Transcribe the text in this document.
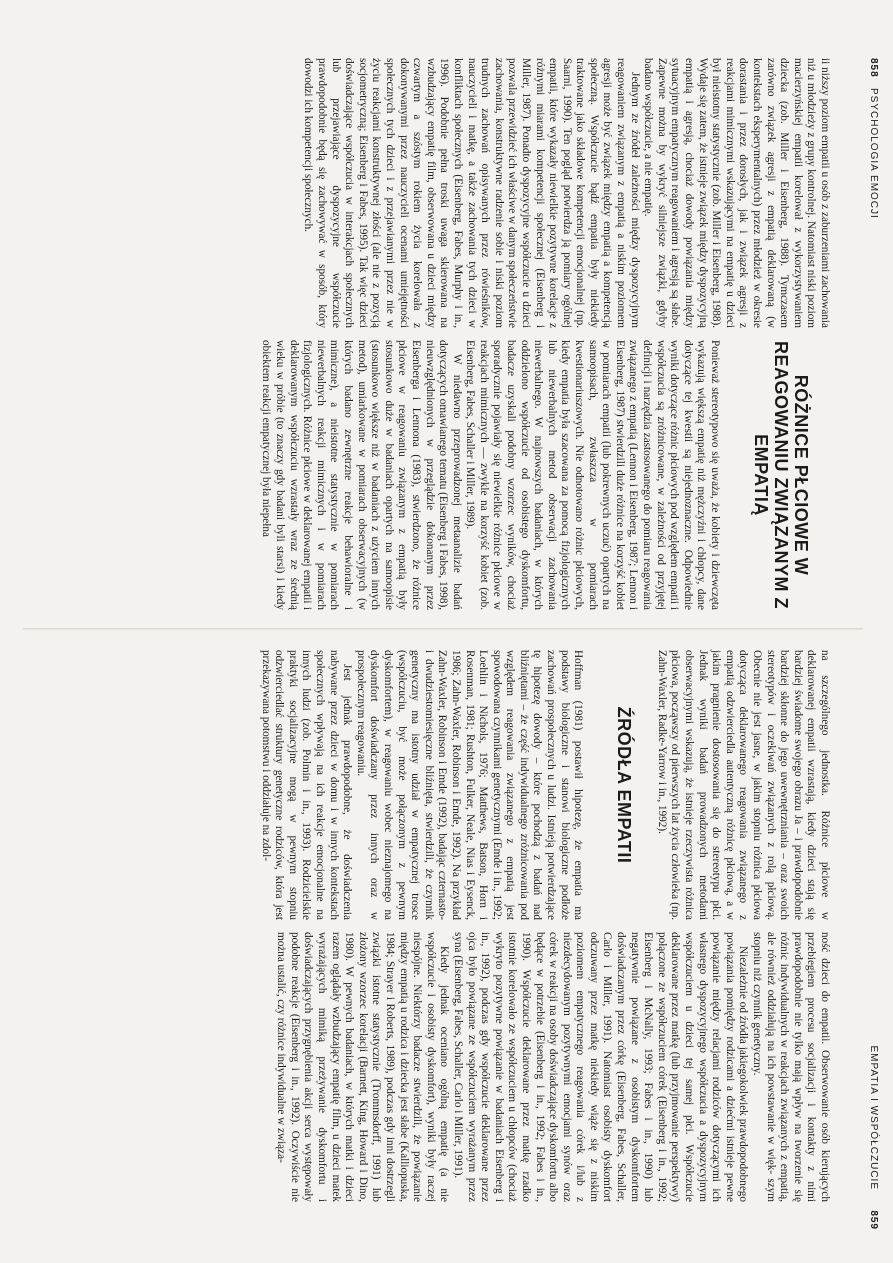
858
PSYCHOLOGIA EMOCJI

ii niższy poziom empatii u osób z zaburzeniami zachowania niż u młodzieży z grupy kontrolnej. Natomiast niski poziom macierzyńskiej empatii korelował z wykorzystywaniem dziecka (zob. Miller i Eisenberg, 1988). Tymczasem zarówno związek agresji z empatią deklarowaną (w kontekstach eksperymentalnych) przez młodzież w okresie dorastania i przez dorosłych, jak i związek agresji z reakcjami mimicznymi wskazującymi na empatię u dzieci był nieistotny statystycznie (zob. Miller i Eisenberg, 1988). Wydaje się zatem, że istnieje związek między dyspozycyjną empatią i agresją, chociaż dowody powiązania między sytuacyjnym empatycznym reagowaniem i agresją są słabe. Zapewne można by wykryć silniejsze związki, gdyby badano współczucie, a nie empatię.

Jednym ze źródeł zależności między dyspozycyjnym reagowaniem związanym z empatią a niskim poziomem agresji może być związek między empatią a kompetencją społeczną. Współczucie bądź empatia były niekiedy traktowane jako składowe kompetencji emocjonalnej (np. Saarni, 1990). Ten pogląd potwierdza ją pomiary ogólnej empatii, które wykazały niewielkie pozytywne korelacje z różnymi miarami kompetencji społecznej (Eisenberg i Miller, 1987). Ponadto dyspozycyjne współczucie u dzieci pozwala przewidzieć ich właściwe w danym społeczeństwie zachowania, konstruktywne radzenie sobie i niski poziom trudnych zachowań opisywanych przez rówieśników, nauczycieli i matkę, a także zachowania tych dzieci w konfliktach społecznych (Eisenberg, Fabes, Murphy i in., 1996). Podobnie pełna troski uwaga skierowana na wzbudzający empatię film, obserwowana u dzieci między czwartym a szóstym rokiem życia korelowała z dokonywanymi przez nauczycieli ocenami umiejętności społecznych tych dzieci i z przejawianymi przez nie w życiu reakcjami konstruktywnej złości (ale nie z pozycją socjometryczną; Eisenberg i Fabes, 1995). Tak więc dzieci doświadczające współczucia w interakcjach społecznych lub przejawiające dyspozycyjne współczucie prawdopodobnie będą się zachowywać w sposób, który dowodzi ich kompetencji społecznych.

RÓŻNICE PŁCIOWE W REAGOWANIU ZWIĄZANYM Z EMPATIĄ

Ponieważ stereotypowo się uważa, że kobiety i dziewczęta wykazują większą empatię niż mężczyźni i chłopcy, dane dotyczące tej kwestii są niejednoznaczne. Odpowiednie wyniki dotyczące różnic płciowych pod względem empatii i współczucia są zróżnicowane, w zależności od przyjętej definicji i narzędzia zastosowanego do pomiaru reagowania związanego z empatią (Lennon i Eisenberg, 1987; Lennon i Eisenberg, 1987) stwierdzili duże różnice na korzyść kobiet w pomiarach empatii (lub pokrewnych uczuć) opartych na samoopisach, zwłaszcza w pomiarach kwestionariuszowych. Nie odnotowano różnic płciowych, kiedy empatia była szacowana za pomocą fizjologicznych lub niewerbalnych metod obserwacji zachowania niewerbalnego. W najnowszych badaniach, w których oddzielono współczucie od osobistego dyskomfortu, badacze uzyskali podobny wzorzec wyników, chociaż sporadycznie pojawiały się niewielkie różnice płciowe w reakcjach mimicznych — zwykle na korzyść kobiet (zob. Eisenberg, Fabes, Schaller i Miller, 1989).

W niedawno przeprowadzonej metaanalizie badań dotyczących omawianego tematu (Eisenberg i Fabes, 1998), nieuwzględnionych w przeglądzie dokonanym przez Eisenberga i Lennona (1983), stwierdzono, że różnice płciowe w reagowaniu związanym z empatią były stosunkowo duże w badaniach opartych na samoopisie (stosunkowo większe niż w badaniach z użyciem innych metod), umiarkowane w pomiarach obserwacyjnych (w których badano zewnętrzne reakcje behawioralne i mimiczne), a nieistotne statystycznie w pomiarach niewerbalnych reakcji mimicznych i w pomiarach fizjologicznych. Różnice płciowe w deklarowanej empatii i deklarowanym współczuciu wzrastały wraz ze średnią wieku w próbie (to znaczy gdy badani byli starsi) i kiedy obiektem reakcji empatycznej była niepełna

EMPATIA I WSPÓŁCZUCIE
859

na szczególnego jednostka. Różnice płciowe w deklarowanej empatii wzrastają, kiedy dzieci stają się bardziej świadome swojego obrazu Ja – i prawdopodobnie bardziej skłonne do jego uwewnętrzniania – oraz swoich stereotypów i oczekiwań związanych z rolą płciową. Obecnie nie jest jasne, w jakim stopniu różnica płciowa dotycząca deklarowanego reagowania związanego z empatią odzwierciedla autentyczną różnicę płciową, a w jakim pragnienie dostosowania się do stereotypu płci. Jednak wyniki badań prowadzonych metodami obserwacyjnymi wskazują, że istnieje rzeczywista różnica płciowa, począwszy od pierwszych lat życia człowieka (np. Zahn-Waxler, Radke-Yarrow i in., 1992).

ŹRÓDŁA EMPATII

Hoffman (1981) postawił hipotezę, że empatia ma podstawy biologiczne i stanowi biologiczne podłoże zachowań prospołecznych u ludzi. Istnieją potwierdzające tę hipotezę dowody – które pochodzą z badań nad bliźniętami – że część indywidualnego zróżnicowania pod względem reagowania związanego z empatią jest spowodowana czynnikami genetycznymi (Emde i in., 1992; Loehlin i Nichols, 1976; Matthews, Batson, Horn i Rosenman, 1981; Rushton, Fulker, Neale, Nias i Eysenck, 1986; Zahn-Waxler, Robinson i Emde, 1992). Na przykład Zahn-Waxler, Robinson i Emde (1992), badając czternasto- i dwudziestomiesięczne bliźnięta, stwierdzili, że czynnik genetyczny ma istotny udział w empatycznej trosce (współczuciu, być może połączonym z pewnym dyskomfortem), w reagowaniu wobec nieznajomego na dyskomfort doświadczany przez innych oraz w prospołecznym reagowaniu.

Jest jednak prawdopodobne, że doświadczenia nabywane przez dzieci w domu i w innych kontekstach społecznych wpływają na ich reakcje emocjonalne na innych ludzi (zob. Polmin i in., 1993). Rodzicielskie praktyki socjalizacyjne mogą w pewnym stopniu odzwierciedlać struktury genetyczne rodziców, która jest przekazywana potomstwu i oddziałuje na zdol-

ność dzieci do empatii. Obserwowanie osób kierujących przebiegiem procesu socjalizacji i kontakty z nimi prawdopodobnie nie tylko mają wpływ na tworzenie się różnic indywidualnych w reakcjach związanych z empatią, ale również oddziałują na ich powstawanie w więk- szym stopniu niż czynnik genetyczny.

Niezależnie od źródła jakiegokolwiek prawdopodobnego powiązania pomiędzy rodzicami a dziećmi istnieje pewne powiązanie między relacjami rodziców dotyczącymi ich własnego dyspozycyjnego współczucia a dyspozycyjnym współczuciem u dzieci tej samej płci. Współczucie deklarowane przez matkę (lub przyjmowanie perspektywy) połączone ze współczuciem córek (Eisenberg i in., 1992; Eisenberg i McNally, 1993; Fabes i in., 1990) lub negatywnie powiązane z osobistym dyskomfortem doświadczanym przez córkę (Eisenberg, Fabes, Schaller, Carlo i Miller, 1991). Natomiast osobisty dyskomfort odczuwany przez matkę niekiedy wiąże się z niskim poziomem empatycznego reagowania córek i/lub z niezdecydowanym pozytywnymi emocjami synów oraz córek w reakcji na osoby doświadczające dyskomfortu albo będące w potrzebie (Eisenberg i in., 1992; Fabes i in., 1990). Współczucie deklarowane przez matkę rzadko istotnie korelowało ze współczuciem u chłopców (chociaż wykryto pozytywne powiązanie w badaniach Eisenberg i in., 1992), podczas gdy współczucie deklarowane przez ojca było powiązane ze współczuciem wyrażanym przez syna (Eisenberg, Fabes, Schaller, Carlo i Miller, 1991).

Kiedy jednak oceniano ogólną empatię (a nie współczucie i osobisty dyskomfort), wyniki były raczej niespójne. Niektórzy badacze stwierdzili, że powiązanie między empatią u rodzica i dziecka jest słabe (Kalliopuska, 1984; Strayer i Roberts, 1989), podczas gdy inni dostrzegli związki istotne statystycznie (Trommsdorff, 1991) lub złożony wzorzec korelacji (Barnett, King, Howard i Dino, 1980). W pewnych badaniach, w których matki i dzieci razem oglądały wzbudzający empatię film, u dzieci matek wyrażających mimiką przeżywanie dyskomfortu i doświadczających przygnębienia akcji serca występowały podobne reakcje (Eisenberg i in., 1992). Oczywiście nie można ustalić, czy różnice indywidualne w związa-
